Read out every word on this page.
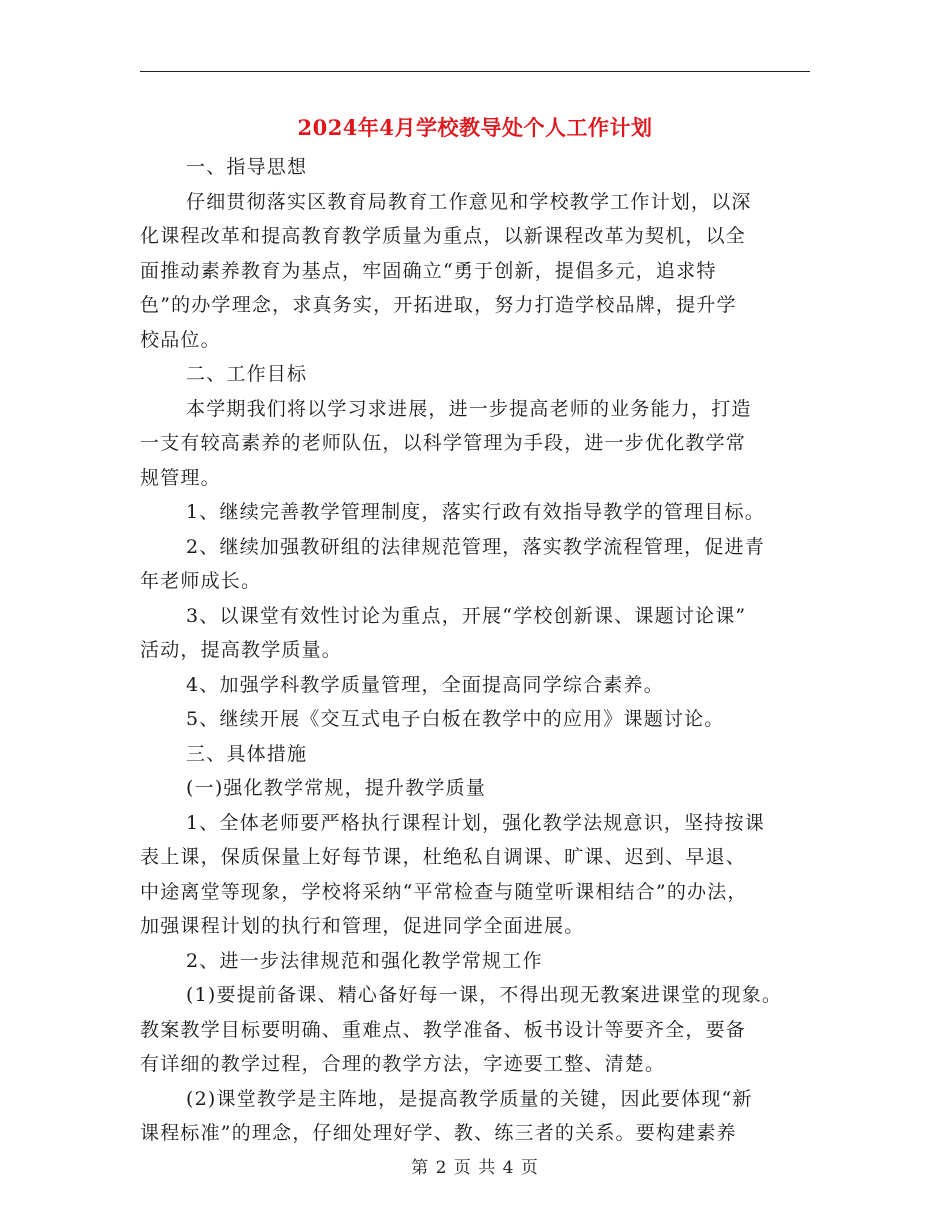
2024年4月学校教导处个人工作计划
一、指导思想
仔细贯彻落实区教育局教育工作意见和学校教学工作计划，以深
化课程改革和提高教育教学质量为重点，以新课程改革为契机，以全
面推动素养教育为基点，牢固确立“勇于创新，提倡多元，追求特
色”的办学理念，求真务实，开拓进取，努力打造学校品牌，提升学
校品位。
二、工作目标
本学期我们将以学习求进展，进一步提高老师的业务能力，打造
一支有较高素养的老师队伍，以科学管理为手段，进一步优化教学常
规管理。
1、继续完善教学管理制度，落实行政有效指导教学的管理目标。
2、继续加强教研组的法律规范管理，落实教学流程管理，促进青
年老师成长。
3、以课堂有效性讨论为重点，开展“学校创新课、课题讨论课”
活动，提高教学质量。
4、加强学科教学质量管理，全面提高同学综合素养。
5、继续开展《交互式电子白板在教学中的应用》课题讨论。
三、具体措施
(一)强化教学常规，提升教学质量
1、全体老师要严格执行课程计划，强化教学法规意识，坚持按课
表上课，保质保量上好每节课，杜绝私自调课、旷课、迟到、早退、
中途离堂等现象，学校将采纳“平常检查与随堂听课相结合”的办法，
加强课程计划的执行和管理，促进同学全面进展。
2、进一步法律规范和强化教学常规工作
(1)要提前备课、精心备好每一课，不得出现无教案进课堂的现象。
教案教学目标要明确、重难点、教学准备、板书设计等要齐全，要备
有详细的教学过程，合理的教学方法，字迹要工整、清楚。
(2)课堂教学是主阵地，是提高教学质量的关键，因此要体现“新
课程标准”的理念，仔细处理好学、教、练三者的关系。要构建素养
第 2 页 共 4 页
